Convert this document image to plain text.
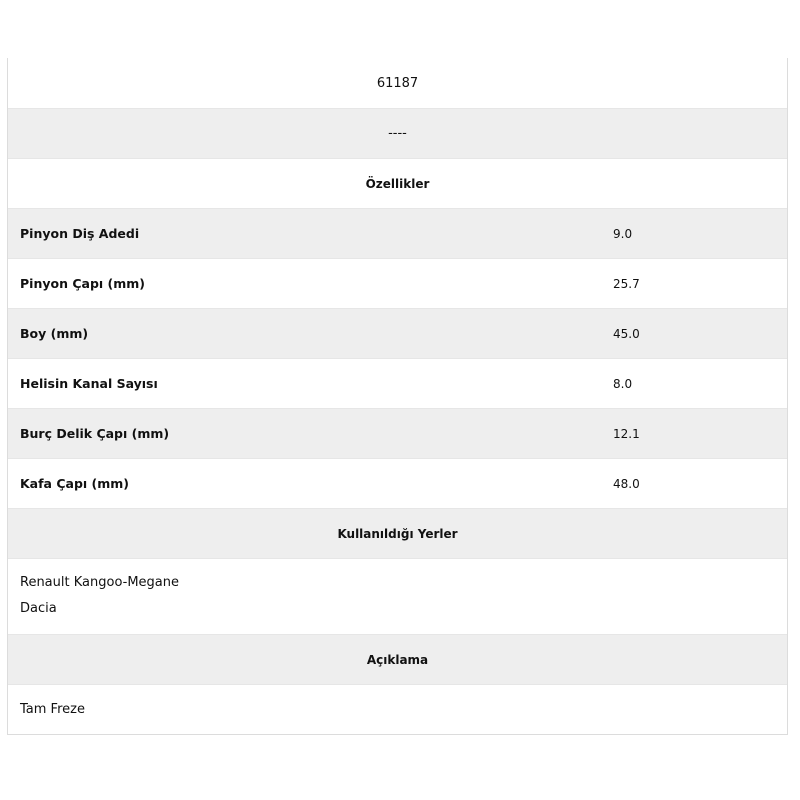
61187
----
Özellikler
Pinyon Diş Adedi	9.0
Pinyon Çapı (mm)	25.7
Boy (mm)	45.0
Helisin Kanal Sayısı	8.0
Burç Delik Çapı (mm)	12.1
Kafa Çapı (mm)	48.0
Kullanıldığı Yerler
Renault Kangoo-Megane
Dacia
Açıklama
Tam Freze
